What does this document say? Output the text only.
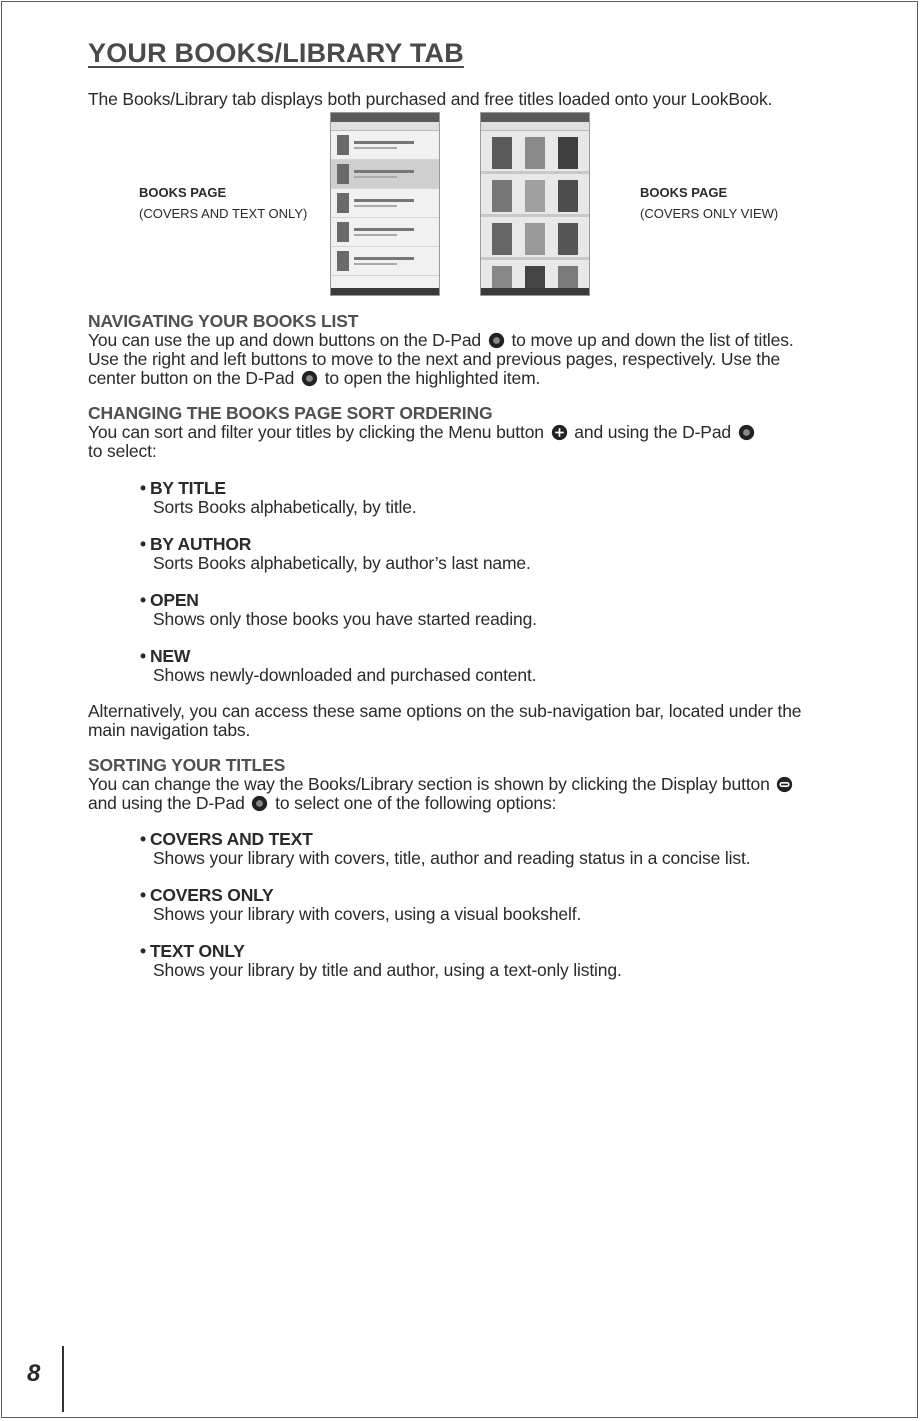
YOUR BOOKS/LIBRARY TAB

The Books/Library tab displays both purchased and free titles loaded onto your LookBook.

BOOKS PAGE
(COVERS AND TEXT ONLY)
BOOKS PAGE
(COVERS ONLY VIEW)
NAVIGATING YOUR BOOKS LIST
You can use the up and down buttons on the D-Pad to move up and down the list of titles.
Use the right and left buttons to move to the next and previous pages, respectively. Use the
center button on the D-Pad to open the highlighted item.
CHANGING THE BOOKS PAGE SORT ORDERING
You can sort and filter your titles by clicking the Menu button and using the D-Pad
to select:
• BY TITLE
Sorts Books alphabetically, by title.
• BY AUTHOR
Sorts Books alphabetically, by author’s last name.
• OPEN
Shows only those books you have started reading.
• NEW
Shows newly-downloaded and purchased content.
Alternatively, you can access these same options on the sub-navigation bar, located under the
main navigation tabs.
SORTING YOUR TITLES
You can change the way the Books/Library section is shown by clicking the Display button
and using the D-Pad to select one of the following options:
• COVERS AND TEXT
Shows your library with covers, title, author and reading status in a concise list.
• COVERS ONLY
Shows your library with covers, using a visual bookshelf.
• TEXT ONLY
Shows your library by title and author, using a text-only listing.
8
